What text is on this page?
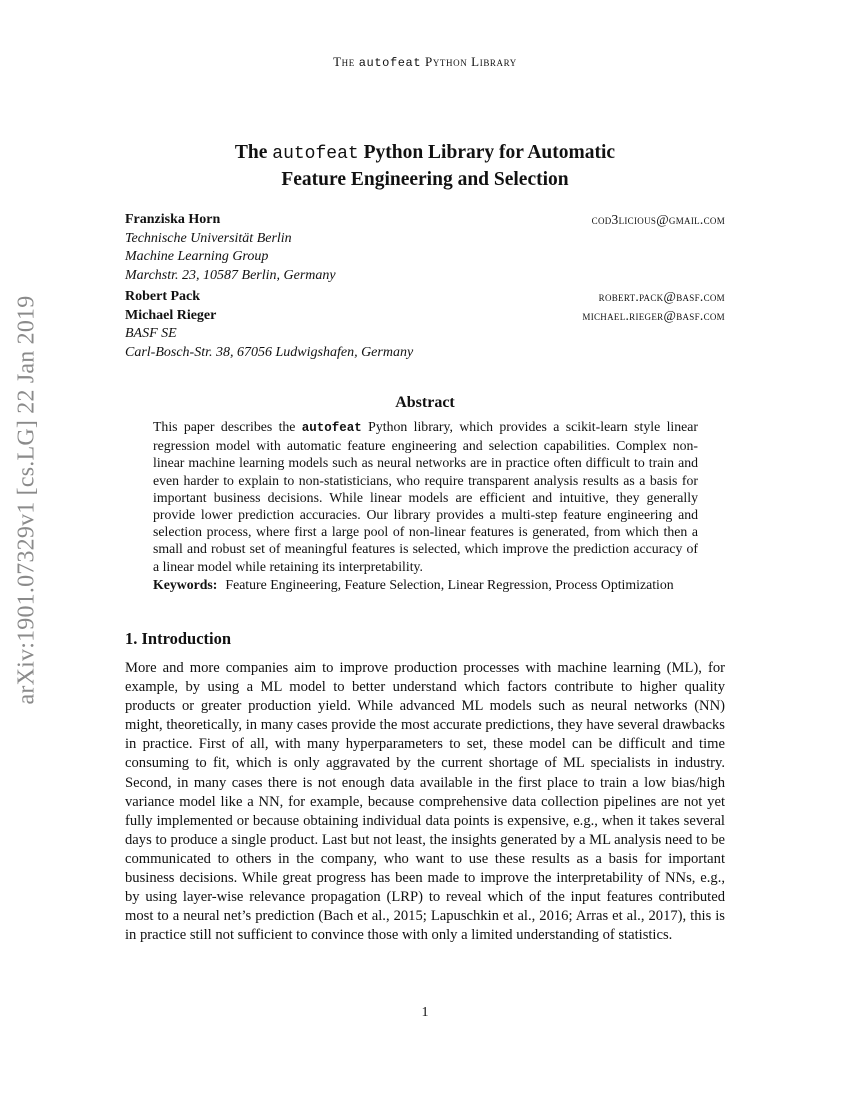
The autofeat Python Library
arXiv:1901.07329v1 [cs.LG] 22 Jan 2019
The autofeat Python Library for Automatic
Feature Engineering and Selection
Franziska Horn	cod3licious@gmail.com
Technische Universität Berlin
Machine Learning Group
Marchstr. 23, 10587 Berlin, Germany
Robert Pack	robert.pack@basf.com
Michael Rieger	michael.rieger@basf.com
BASF SE
Carl-Bosch-Str. 38, 67056 Ludwigshafen, Germany
Abstract

This paper describes the autofeat Python library, which provides a scikit-learn style linear regression model with automatic feature engineering and selection capabilities. Complex non-linear machine learning models such as neural networks are in practice often difficult to train and even harder to explain to non-statisticians, who require transparent analysis results as a basis for important business decisions. While linear models are efficient and intuitive, they generally provide lower prediction accuracies. Our library provides a multi-step feature engineering and selection process, where first a large pool of non-linear features is generated, from which then a small and robust set of meaningful features is selected, which improve the prediction accuracy of a linear model while retaining its interpretability.

Keywords: Feature Engineering, Feature Selection, Linear Regression, Process Optimization

1. Introduction

More and more companies aim to improve production processes with machine learning (ML), for example, by using a ML model to better understand which factors contribute to higher quality products or greater production yield. While advanced ML models such as neural networks (NN) might, theoretically, in many cases provide the most accurate predictions, they have several drawbacks in practice. First of all, with many hyperparameters to set, these model can be difficult and time consuming to fit, which is only aggravated by the current shortage of ML specialists in industry. Second, in many cases there is not enough data available in the first place to train a low bias/high variance model like a NN, for example, because comprehensive data collection pipelines are not yet fully implemented or because obtaining individual data points is expensive, e.g., when it takes several days to produce a single product. Last but not least, the insights generated by a ML analysis need to be communicated to others in the company, who want to use these results as a basis for important business decisions. While great progress has been made to improve the interpretability of NNs, e.g., by using layer-wise relevance propagation (LRP) to reveal which of the input features contributed most to a neural net’s prediction (Bach et al., 2015; Lapuschkin et al., 2016; Arras et al., 2017), this is in practice still not sufficient to convince those with only a limited understanding of statistics.

1
